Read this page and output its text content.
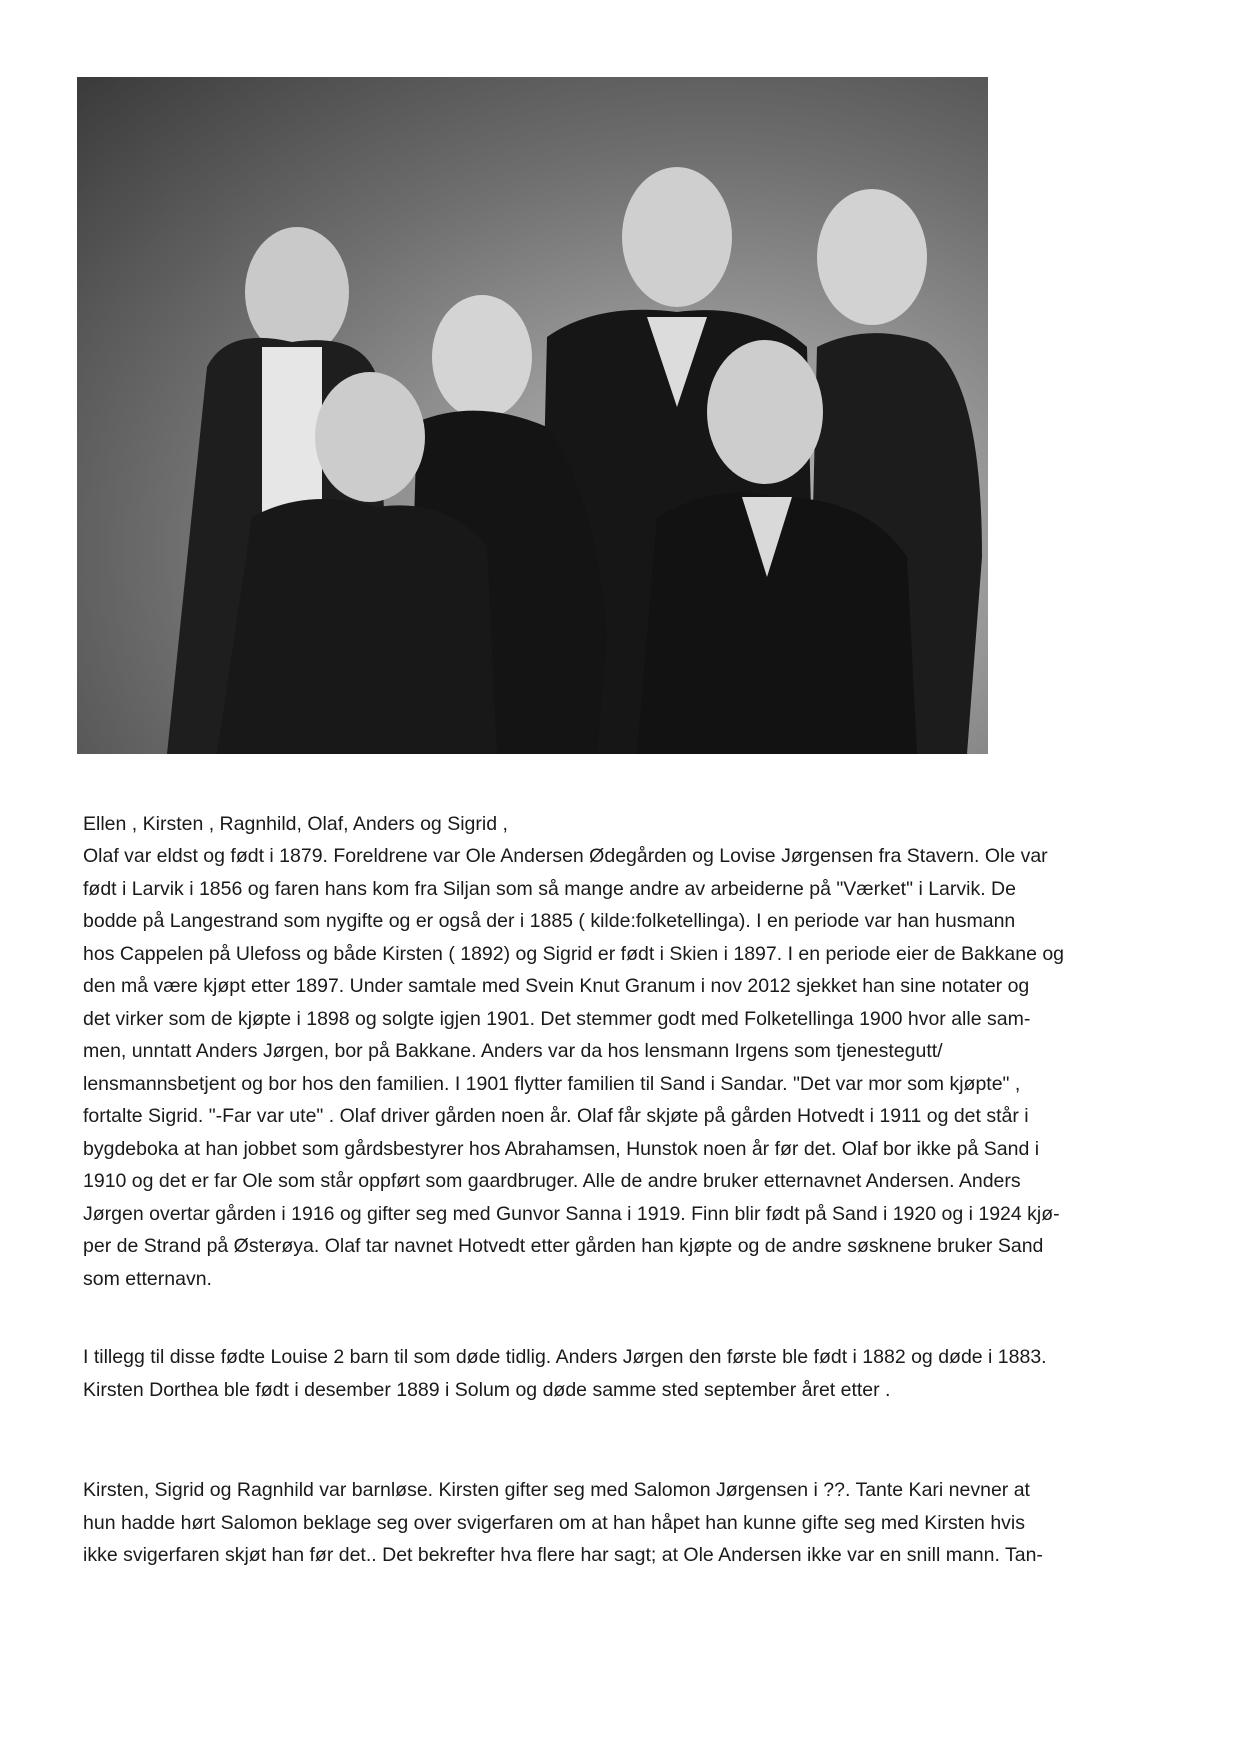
Ellen , Kirsten , Ragnhild, Olaf, Anders og Sigrid ,

Olaf var eldst og født i 1879. Foreldrene var Ole Andersen Ødegården og Lovise Jørgensen fra Stavern. Ole var

født i Larvik i 1856 og faren hans kom fra Siljan som så mange andre av arbeiderne på "Værket" i Larvik. De

bodde på Langestrand som nygifte og er også der i 1885 ( kilde:folketellinga). I en periode var han husmann

hos Cappelen på Ulefoss og både Kirsten ( 1892) og Sigrid er født i Skien i 1897. I en periode eier de Bakkane og

den må være kjøpt etter 1897. Under samtale med Svein Knut Granum i nov 2012 sjekket han sine notater og

det virker som de kjøpte i 1898 og solgte igjen 1901. Det stemmer godt med Folketellinga 1900 hvor alle sam-

men, unntatt Anders Jørgen, bor på Bakkane. Anders var da hos lensmann Irgens som tjenestegutt/

lensmannsbetjent og bor hos den familien. I 1901 flytter familien til Sand i Sandar. "Det var mor som kjøpte" ,

fortalte Sigrid. "-Far var ute" . Olaf driver gården noen år. Olaf får skjøte på gården Hotvedt i 1911 og det står i

bygdeboka at han jobbet som gårdsbestyrer hos Abrahamsen, Hunstok noen år før det. Olaf bor ikke på Sand i

1910 og det er far Ole som står oppført som gaardbruger. Alle de andre bruker etternavnet Andersen. Anders

Jørgen overtar gården i 1916 og gifter seg med Gunvor Sanna i 1919. Finn blir født på Sand i 1920 og i 1924 kjø-

per de Strand på Østerøya. Olaf tar navnet Hotvedt etter gården han kjøpte og de andre søsknene bruker Sand

som etternavn.

I tillegg til disse fødte Louise 2 barn til som døde tidlig. Anders Jørgen den første ble født i 1882 og døde i 1883.

Kirsten Dorthea ble født i desember 1889 i Solum og døde samme sted september året etter .

Kirsten, Sigrid og Ragnhild var barnløse. Kirsten gifter seg med Salomon Jørgensen i ??. Tante Kari nevner at

hun hadde hørt Salomon beklage seg over svigerfaren om at han håpet han kunne gifte seg med Kirsten hvis

ikke svigerfaren skjøt han før det.. Det bekrefter hva flere har sagt; at Ole Andersen ikke var en snill mann. Tan-
